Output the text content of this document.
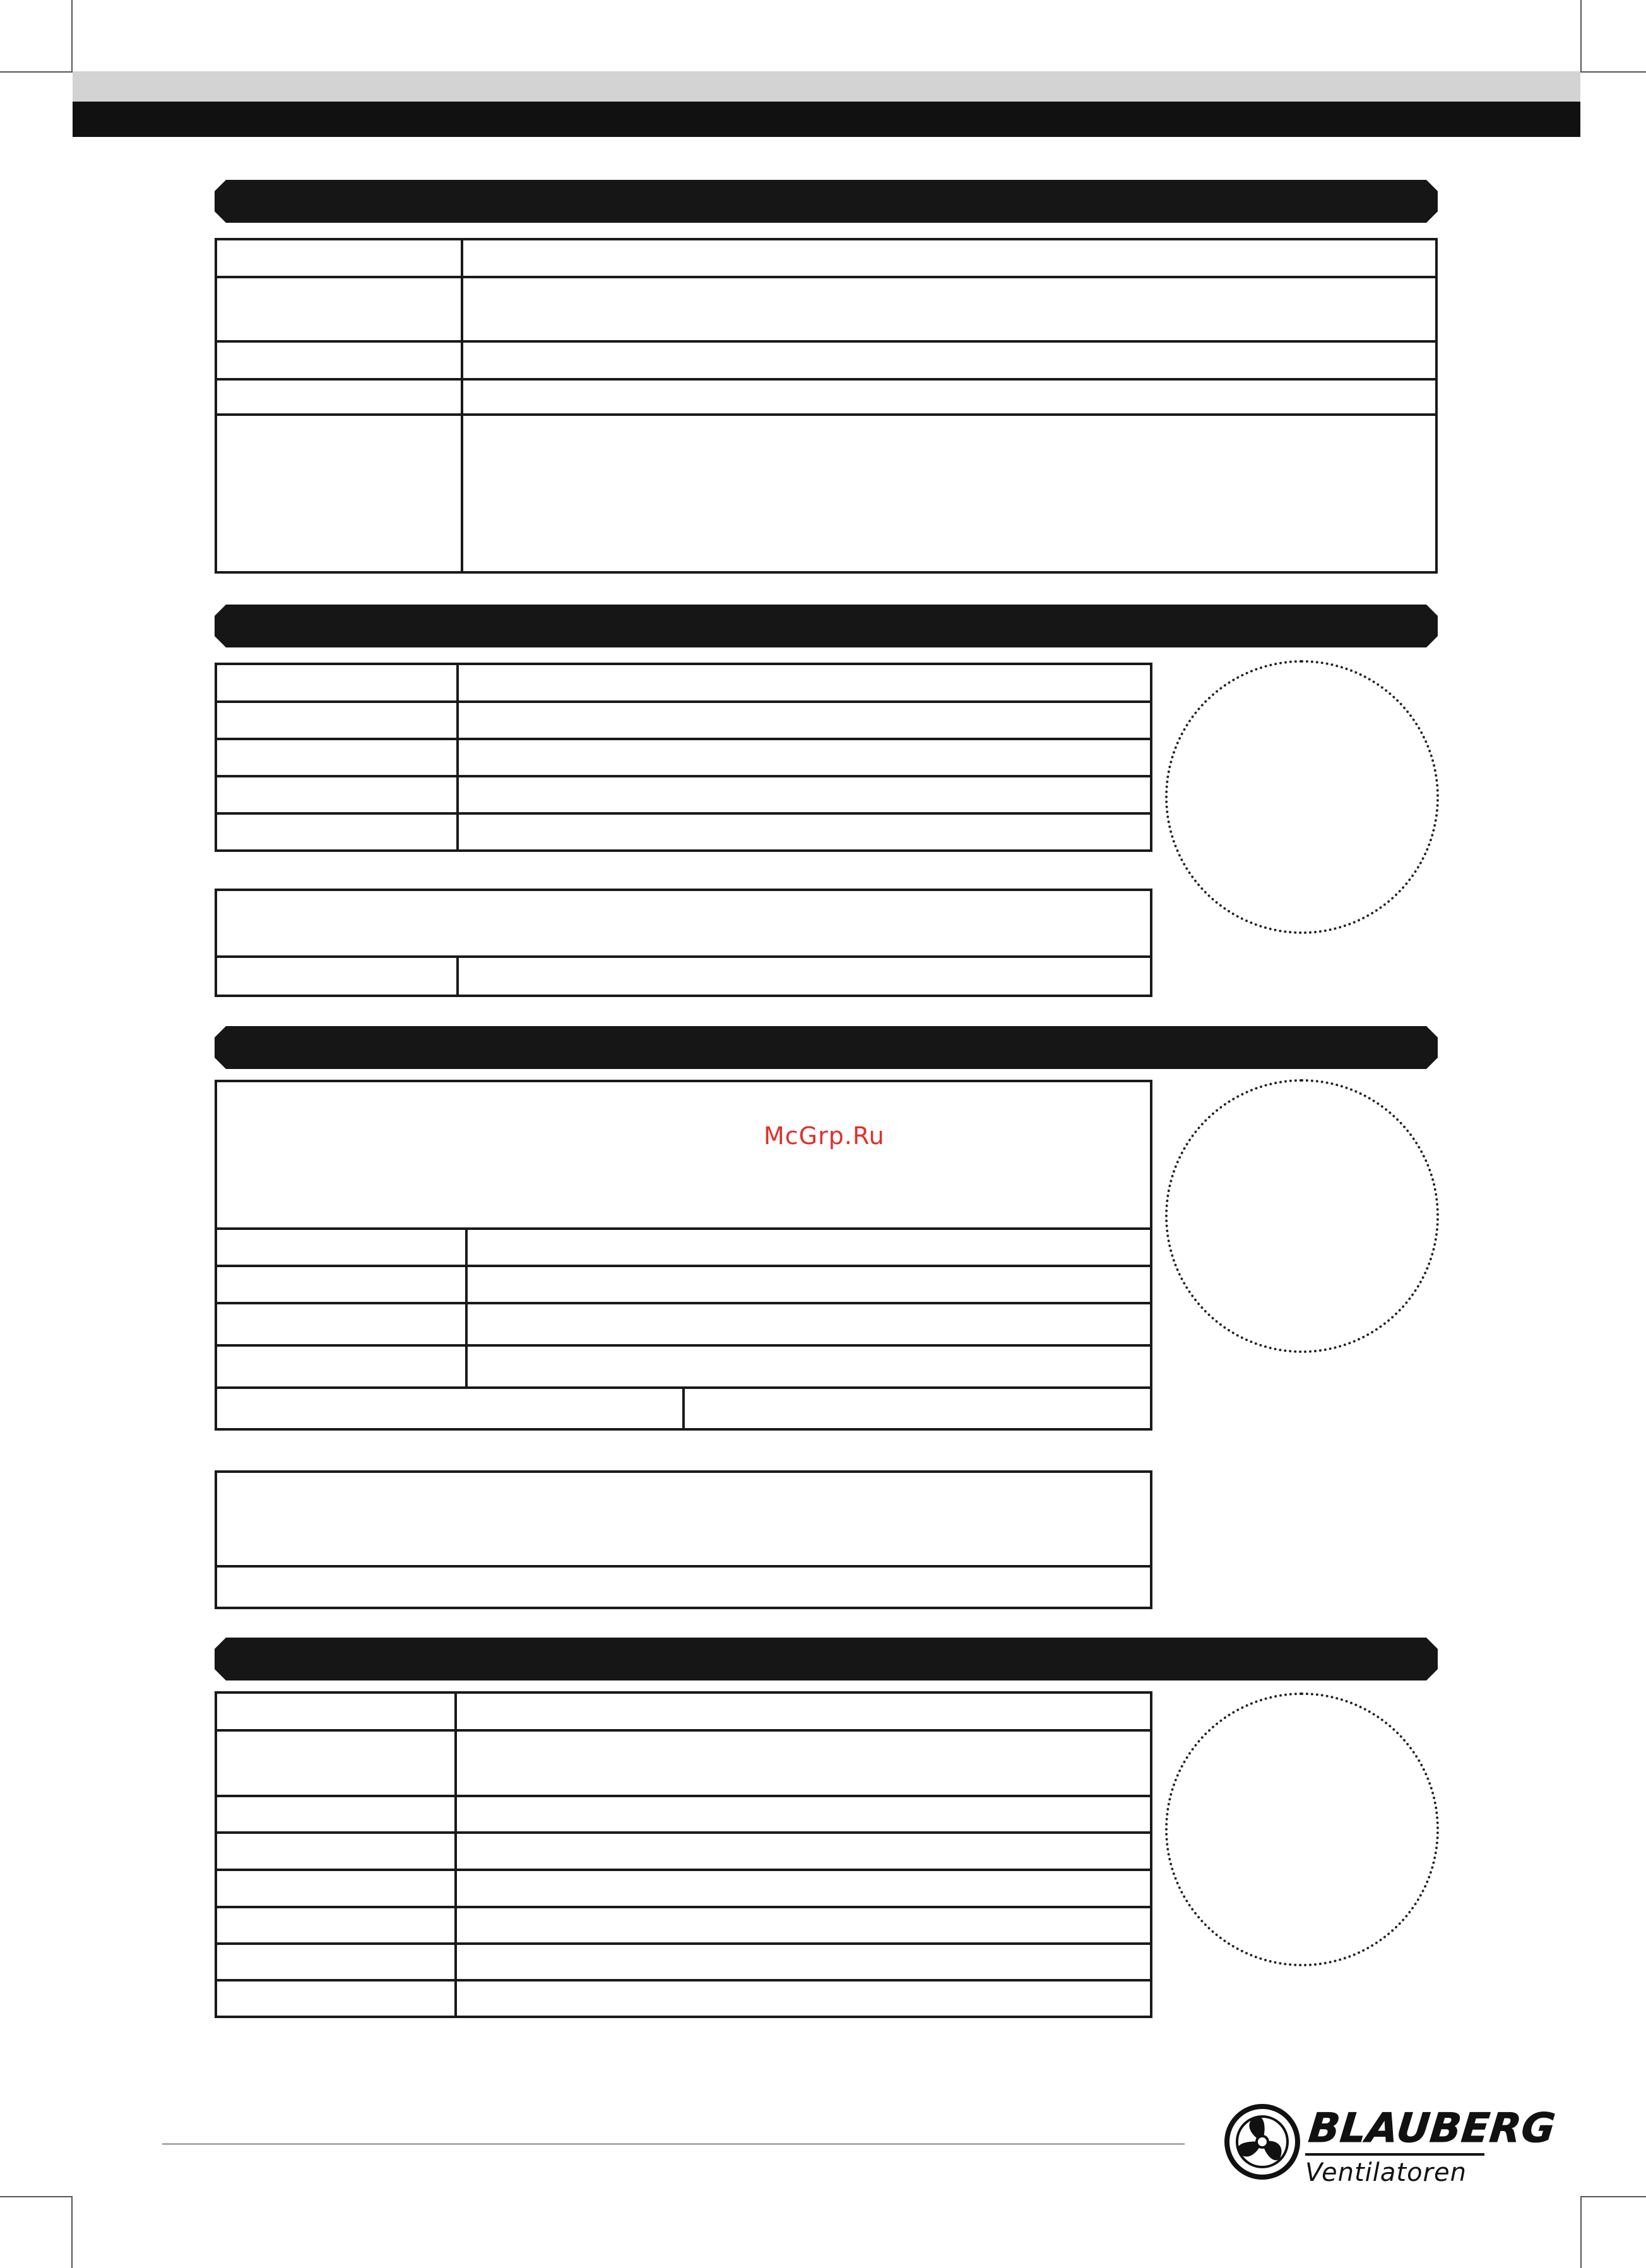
McGrp.Ru

BLAUBERG
Ventilatoren
